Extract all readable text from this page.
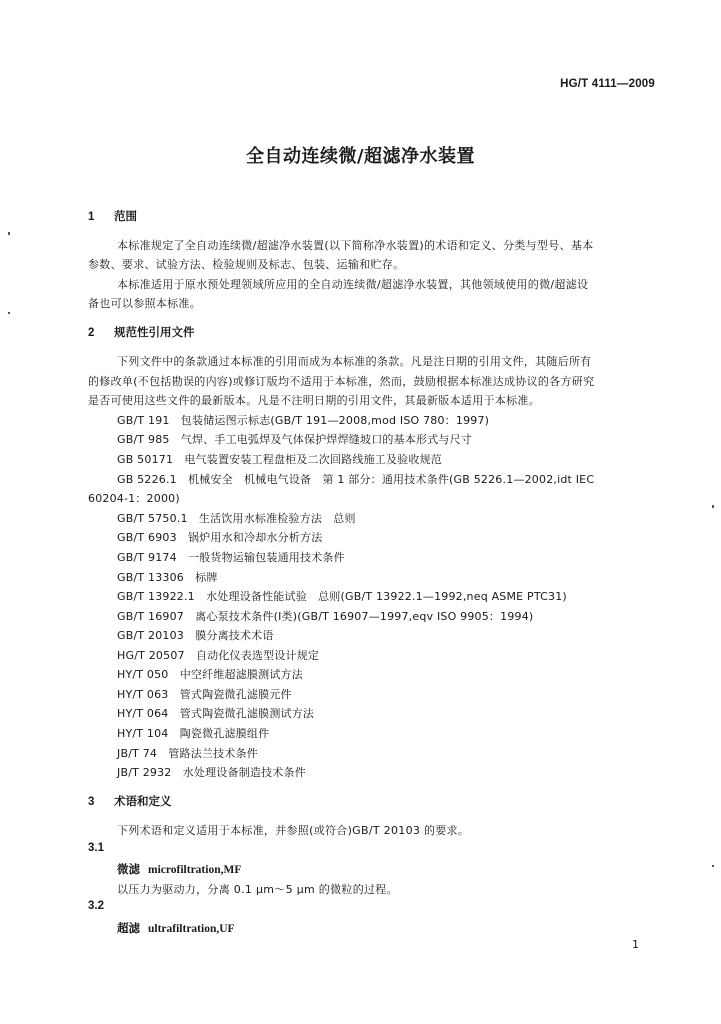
HG/T 4111—2009
全自动连续微/超滤净水装置
1 范围
本标准规定了全自动连续微/超滤净水装置(以下简称净水装置)的术语和定义、分类与型号、基本
参数、要求、试验方法、检验规则及标志、包装、运输和贮存。
本标准适用于原水预处理领域所应用的全自动连续微/超滤净水装置，其他领域使用的微/超滤设
备也可以参照本标准。
2 规范性引用文件
下列文件中的条款通过本标准的引用而成为本标准的条款。凡是注日期的引用文件，其随后所有
的修改单(不包括勘误的内容)或修订版均不适用于本标准，然而，鼓励根据本标准达成协议的各方研究
是否可使用这些文件的最新版本。凡是不注明日期的引用文件，其最新版本适用于本标准。
GB/T 191　 包装储运图示标志(GB/T 191—2008,mod ISO 780：1997)
GB/T 985　 气焊、手工电弧焊及气体保护焊焊缝坡口的基本形式与尺寸
GB 50171　 电气装置安装工程盘柜及二次回路线施工及验收规范
GB 5226.1　 机械安全　机械电气设备　第 1 部分：通用技术条件(GB 5226.1—2002,idt IEC
60204-1：2000)
GB/T 5750.1　 生活饮用水标准检验方法　总则
GB/T 6903　 锅炉用水和冷却水分析方法
GB/T 9174　 一般货物运输包装通用技术条件
GB/T 13306　 标牌
GB/T 13922.1　 水处理设备性能试验　总则(GB/T 13922.1—1992,neq ASME PTC31)
GB/T 16907　 离心泵技术条件(Ⅰ类)(GB/T 16907—1997,eqv ISO 9905：1994)
GB/T 20103　 膜分离技术术语
HG/T 20507　 自动化仪表选型设计规定
HY/T 050　 中空纤维超滤膜测试方法
HY/T 063　 管式陶瓷微孔滤膜元件
HY/T 064　 管式陶瓷微孔滤膜测试方法
HY/T 104　 陶瓷微孔滤膜组件
JB/T 74　 管路法兰技术条件
JB/T 2932　 水处理设备制造技术条件
3 术语和定义
下列术语和定义适用于本标准，并参照(或符合)GB/T 20103 的要求。
3.1
微滤 microfiltration,MF
以压力为驱动力，分离 0.1 μm～5 μm 的微粒的过程。
3.2
超滤 ultrafiltration,UF
1
